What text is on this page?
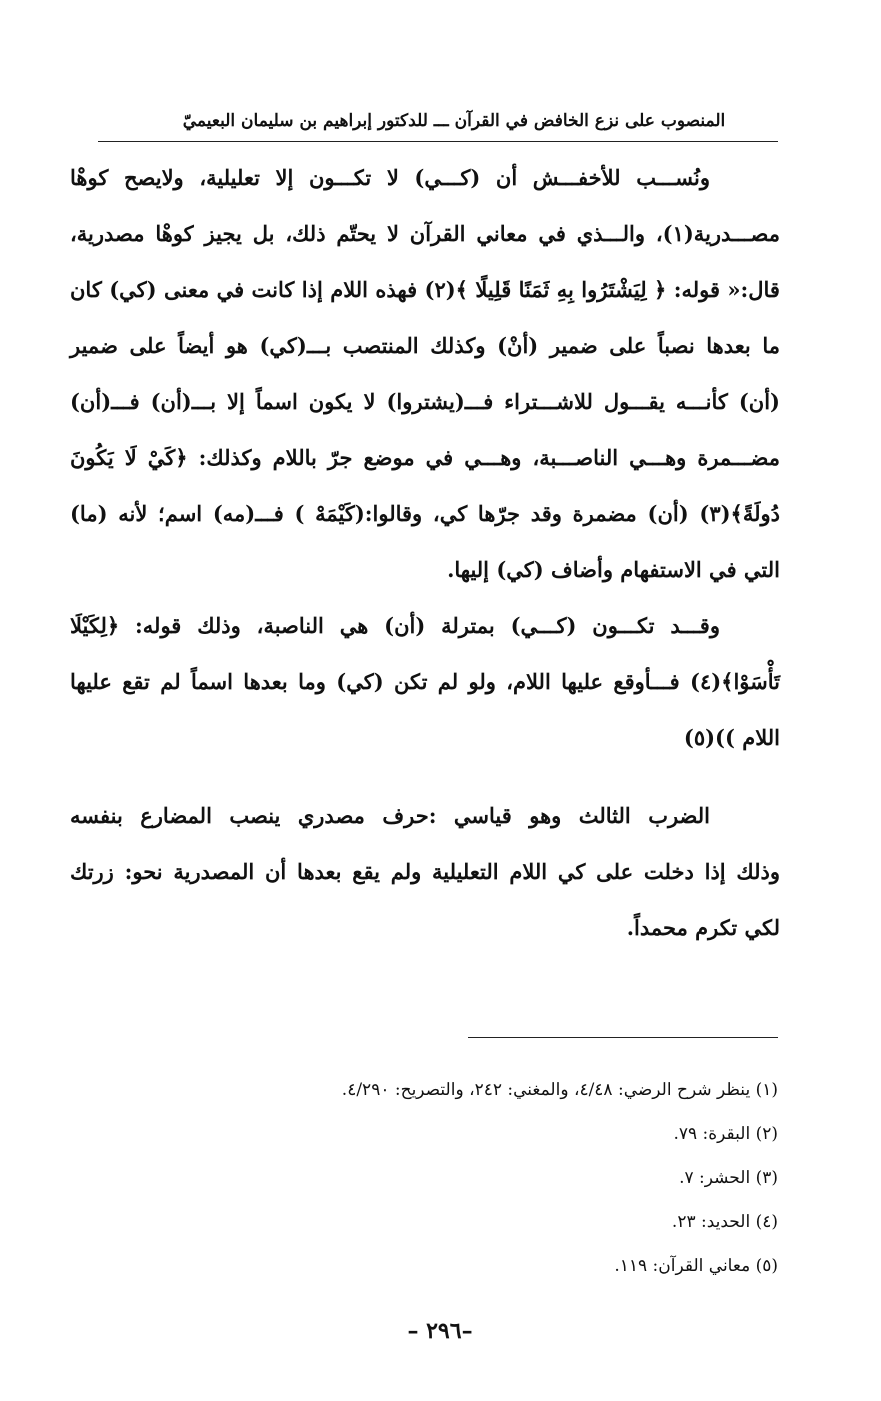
المنصوب على نزع الخافض في القرآن ـــ للدكتور إبراهيم بن سليمان البعيميّ
ونُســـب للأخفـــش أن (كـــي) لا تكـــون إلا تعليلية، ولايصح كوهْا
مصـــدرية(١)، والـــذي في معاني القرآن لا يحتّم ذلك، بل يجيز كوهْا مصدرية،
قال:« قوله: ﴿ لِيَشْتَرُوا بِهِ ثَمَنًا قَلِيلًا ﴾(٢) فهذه اللام إذا كانت في معنى (كي) كان
ما بعدها نصباً على ضمير (أنْ) وكذلك المنتصب بـــ(كي) هو أيضاً على ضمير
(أن) كأنـــه يقـــول للاشـــتراء فـــ(يشتروا) لا يكون اسماً إلا بـــ(أن) فـــ(أن)
مضـــمرة وهـــي الناصـــبة، وهـــي في موضع جرّ باللام وكذلك: ﴿كَيْ لَا يَكُونَ
دُولَةً﴾(٣) (أن) مضمرة وقد جرّها كي، وقالوا:(كَيْمَهْ ) فـــ(مه) اسم؛ لأنه (ما)
التي في الاستفهام وأضاف (كي) إليها.
وقـــد تكـــون (كـــي) بمترلة (أن) هي الناصبة، وذلك قوله: ﴿لِكَيْلَا
تَأْسَوْا﴾(٤) فـــأوقع عليها اللام، ولو لم تكن (كي) وما بعدها اسماً لم تقع عليها
اللام ))(٥)
الضرب الثالث وهو قياسي :حرف مصدري ينصب المضارع بنفسه
وذلك إذا دخلت على كي اللام التعليلية ولم يقع بعدها أن المصدرية نحو: زرتك
لكي تكرم محمداً.
(١) ينظر شرح الرضي: ٤/٤٨، والمغني: ٢٤٢، والتصريح: ٤/٢٩٠.
(٢) البقرة: ٧٩.
(٣) الحشر: ٧.
(٤) الحديد: ٢٣.
(٥) معاني القرآن: ١١٩.
–٢٩٦ –
